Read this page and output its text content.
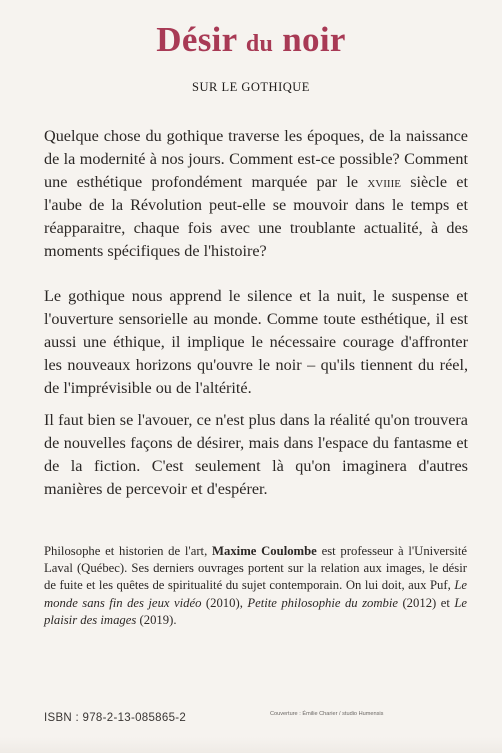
Désir du noir
SUR LE GOTHIQUE

Quelque chose du gothique traverse les époques, de la naissance de la modernité à nos jours. Comment est-ce possible? Comment une esthétique profondément marquée par le xviiie siècle et l'aube de la Révolution peut-elle se mouvoir dans le temps et réapparaitre, chaque fois avec une troublante actualité, à des moments spécifiques de l'histoire?

Le gothique nous apprend le silence et la nuit, le suspense et l'ouverture sensorielle au monde. Comme toute esthétique, il est aussi une éthique, il implique le nécessaire courage d'affronter les nouveaux horizons qu'ouvre le noir – qu'ils tiennent du réel, de l'imprévisible ou de l'altérité.

Il faut bien se l'avouer, ce n'est plus dans la réalité qu'on trouvera de nouvelles façons de désirer, mais dans l'espace du fantasme et de la fiction. C'est seulement là qu'on imaginera d'autres manières de percevoir et d'espérer.

Philosophe et historien de l'art, Maxime Coulombe est professeur à l'Université Laval (Québec). Ses derniers ouvrages portent sur la relation aux images, le désir de fuite et les quêtes de spiritualité du sujet contemporain. On lui doit, aux Puf, Le monde sans fin des jeux vidéo (2010), Petite philosophie du zombie (2012) et Le plaisir des images (2019).

ISBN : 978-2-13-085865-2	Couverture : Émilie Charier / studio Humensis
